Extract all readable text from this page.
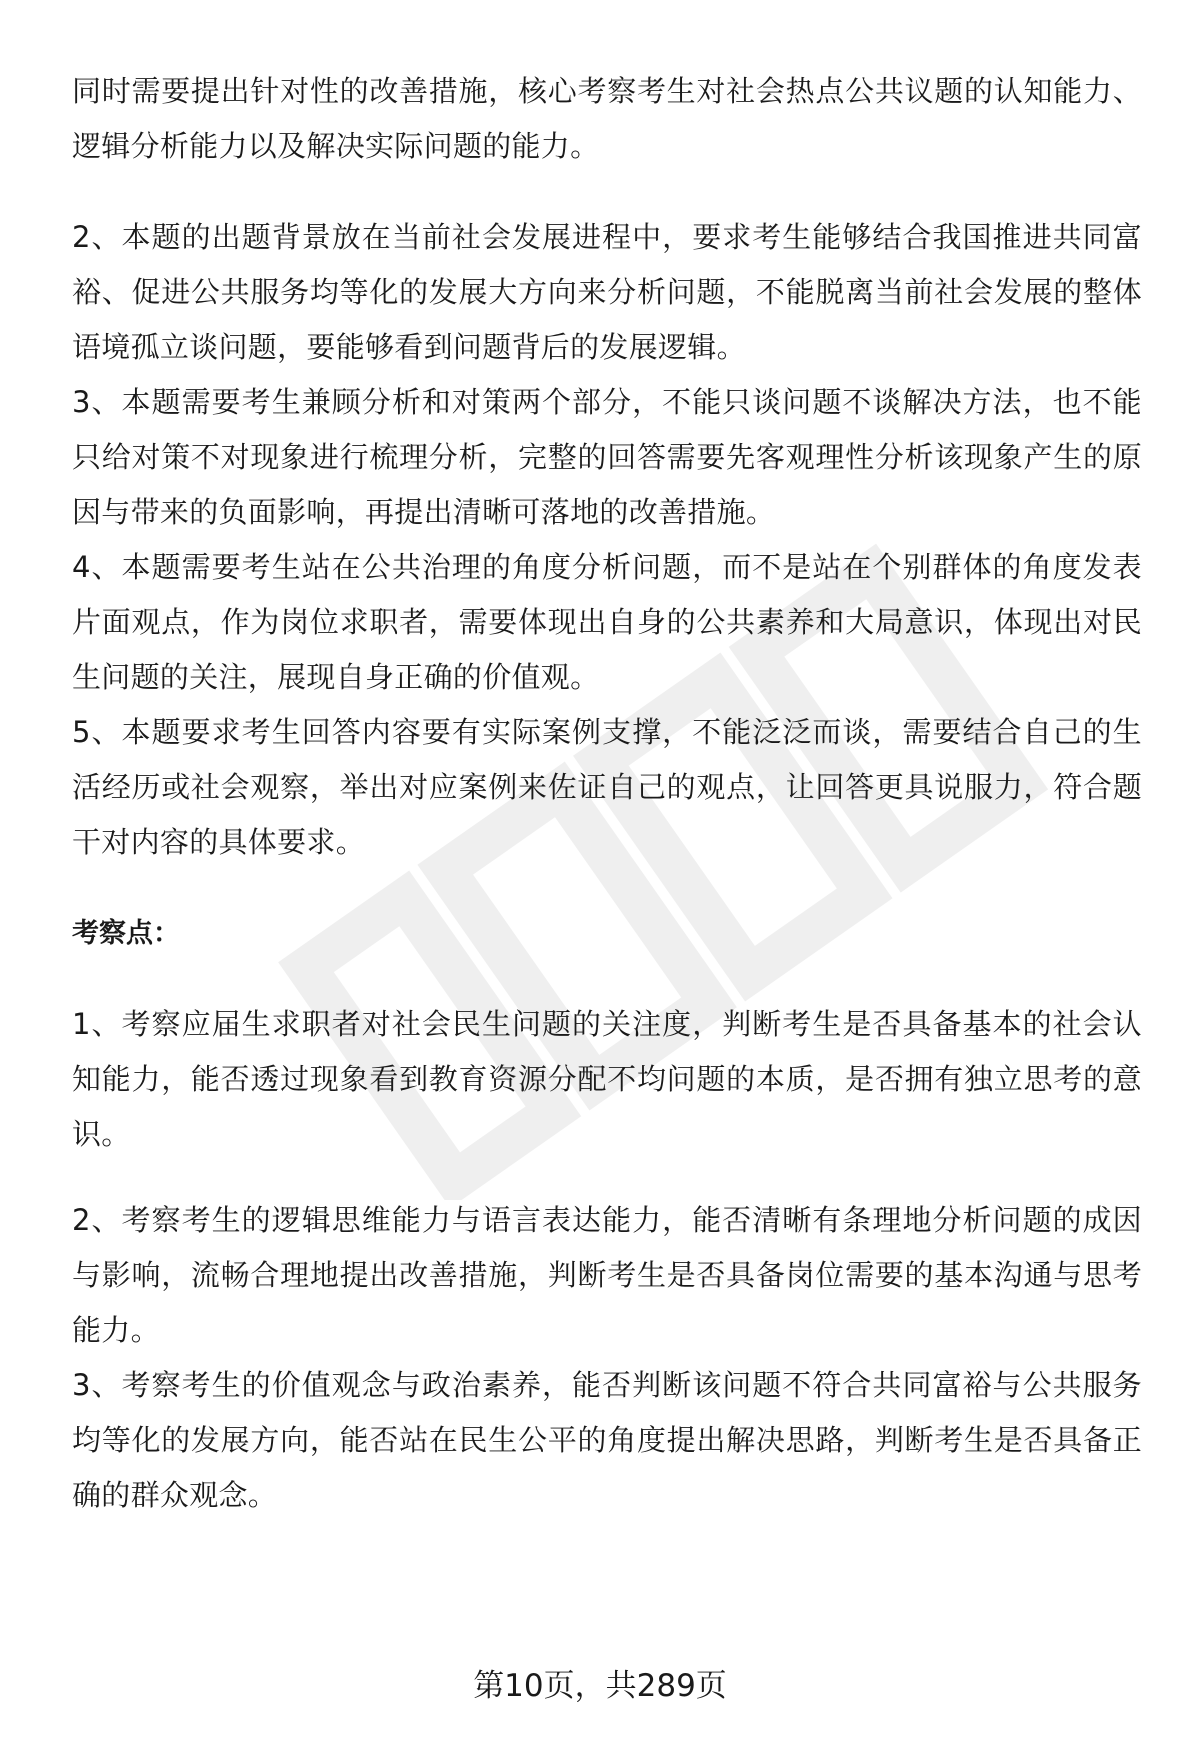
同时需要提出针对性的改善措施，核心考察考生对社会热点公共议题的认知能力、逻辑分析能力以及解决实际问题的能力。

2、本题的出题背景放在当前社会发展进程中，要求考生能够结合我国推进共同富裕、促进公共服务均等化的发展大方向来分析问题，不能脱离当前社会发展的整体语境孤立谈问题，要能够看到问题背后的发展逻辑。

3、本题需要考生兼顾分析和对策两个部分，不能只谈问题不谈解决方法，也不能只给对策不对现象进行梳理分析，完整的回答需要先客观理性分析该现象产生的原因与带来的负面影响，再提出清晰可落地的改善措施。

4、本题需要考生站在公共治理的角度分析问题，而不是站在个别群体的角度发表片面观点，作为岗位求职者，需要体现出自身的公共素养和大局意识，体现出对民生问题的关注，展现自身正确的价值观。

5、本题要求考生回答内容要有实际案例支撑，不能泛泛而谈，需要结合自己的生活经历或社会观察，举出对应案例来佐证自己的观点，让回答更具说服力，符合题干对内容的具体要求。

考察点：

1、考察应届生求职者对社会民生问题的关注度，判断考生是否具备基本的社会认知能力，能否透过现象看到教育资源分配不均问题的本质，是否拥有独立思考的意识。

2、考察考生的逻辑思维能力与语言表达能力，能否清晰有条理地分析问题的成因与影响，流畅合理地提出改善措施，判断考生是否具备岗位需要的基本沟通与思考能力。

3、考察考生的价值观念与政治素养，能否判断该问题不符合共同富裕与公共服务均等化的发展方向，能否站在民生公平的角度提出解决思路，判断考生是否具备正确的群众观念。

第10页，共289页
